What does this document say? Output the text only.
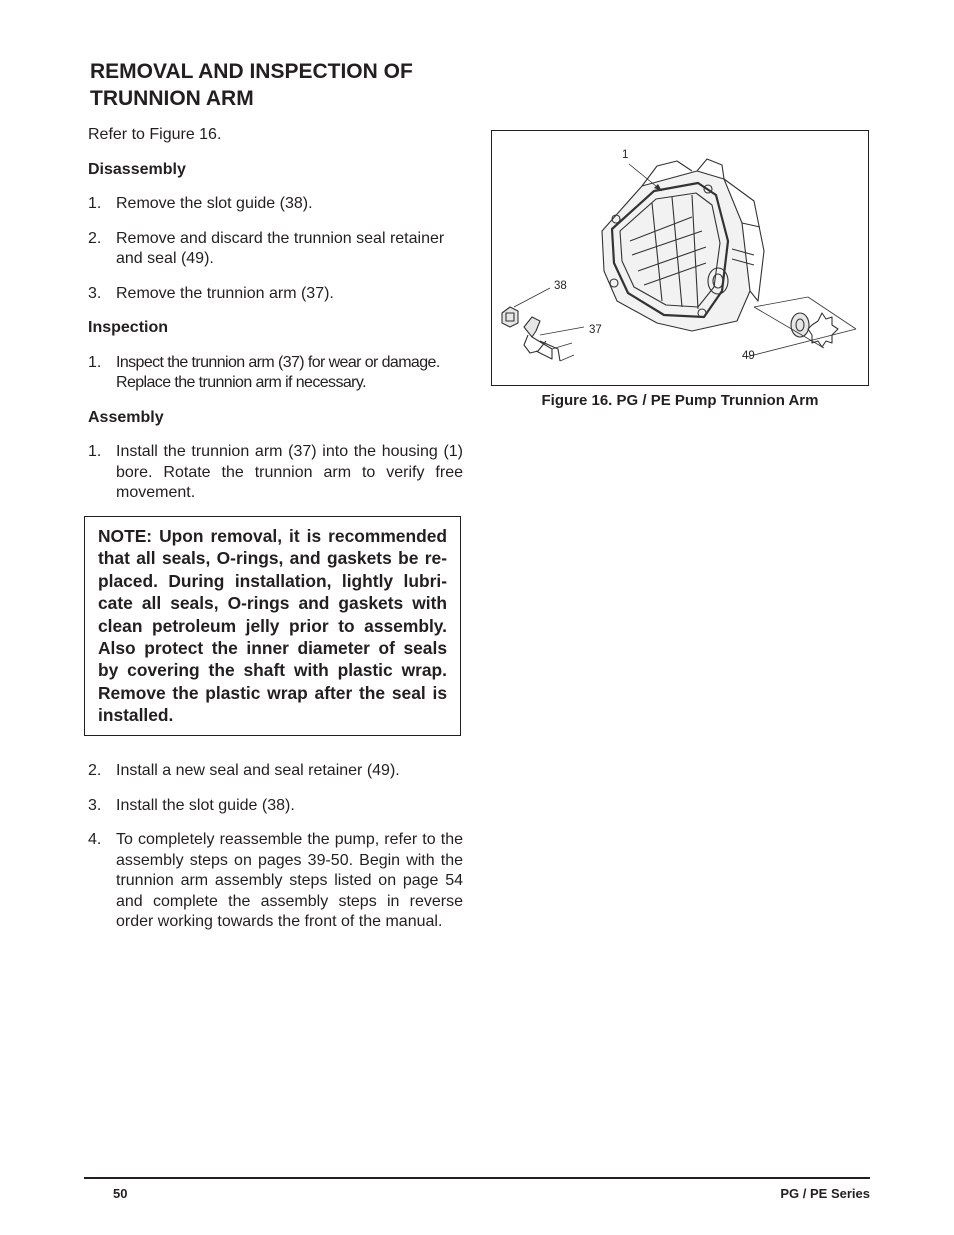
REMOVAL AND INSPECTION OF
TRUNNION ARM

Refer to Figure 16.

Disassembly

1. Remove the slot guide (38).
2. Remove and discard the trunnion seal retainer and seal (49).
3. Remove the trunnion arm (37).

Inspection

1. Inspect the trunnion arm (37) for wear or damage. Replace the trunnion arm if necessary.

Assembly

1. Install the trunnion arm (37) into the housing (1) bore. Rotate the trunnion arm to verify free movement.
NOTE: Upon removal, it is recommended that all seals, O-rings, and gaskets be re-placed. During installation, lightly lubri-cate all seals, O-rings and gaskets with clean petroleum jelly prior to assembly. Also protect the inner diameter of seals by covering the shaft with plastic wrap. Remove the plastic wrap after the seal is installed.
2. Install a new seal and seal retainer (49).
3. Install the slot guide (38).
4. To completely reassemble the pump, refer to the assembly steps on pages 39-50. Begin with the trunnion arm assembly steps listed on page 54 and complete the assembly steps in reverse order working towards the front of the manual.
1
38
37
49
Figure 16. PG / PE Pump Trunnion Arm
50	PG / PE Series
